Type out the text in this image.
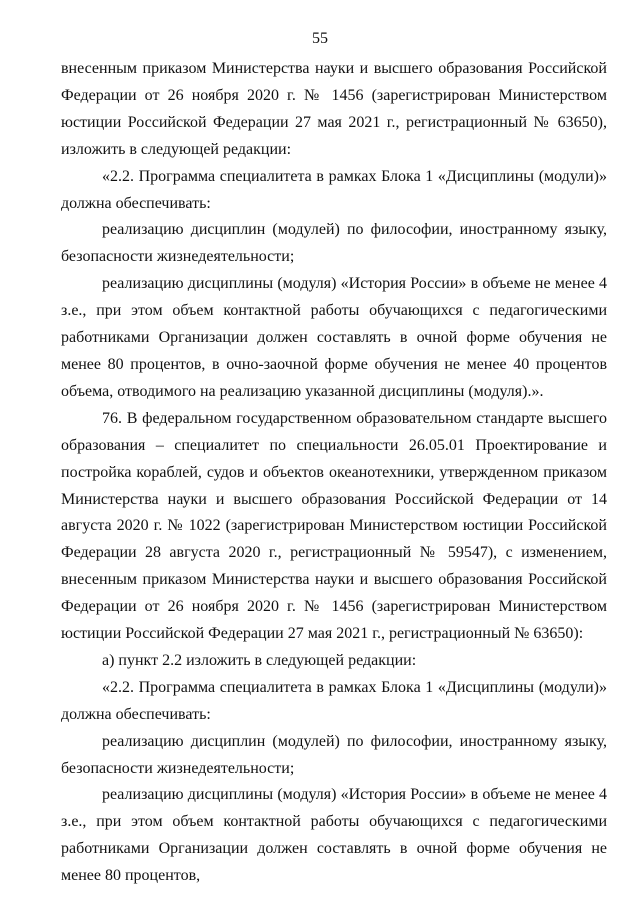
55

внесенным приказом Министерства науки и высшего образования Российской Федерации от 26 ноября 2020 г. № 1456 (зарегистрирован Министерством юстиции Российской Федерации 27 мая 2021 г., регистрационный № 63650), изложить в следующей редакции:

«2.2. Программа специалитета в рамках Блока 1 «Дисциплины (модули)» должна обеспечивать:

реализацию дисциплин (модулей) по философии, иностранному языку, безопасности жизнедеятельности;

реализацию дисциплины (модуля) «История России» в объеме не менее 4 з.е., при этом объем контактной работы обучающихся с педагогическими работниками Организации должен составлять в очной форме обучения не менее 80 процентов, в очно-заочной форме обучения не менее 40 процентов объема, отводимого на реализацию указанной дисциплины (модуля).».

76. В федеральном государственном образовательном стандарте высшего образования – специалитет по специальности 26.05.01 Проектирование и постройка кораблей, судов и объектов океанотехники, утвержденном приказом Министерства науки и высшего образования Российской Федерации от 14 августа 2020 г. № 1022 (зарегистрирован Министерством юстиции Российской Федерации 28 августа 2020 г., регистрационный № 59547), с изменением, внесенным приказом Министерства науки и высшего образования Российской Федерации от 26 ноября 2020 г. № 1456 (зарегистрирован Министерством юстиции Российской Федерации 27 мая 2021 г., регистрационный № 63650):

а) пункт 2.2 изложить в следующей редакции:

«2.2. Программа специалитета в рамках Блока 1 «Дисциплины (модули)» должна обеспечивать:

реализацию дисциплин (модулей) по философии, иностранному языку, безопасности жизнедеятельности;

реализацию дисциплины (модуля) «История России» в объеме не менее 4 з.е., при этом объем контактной работы обучающихся с педагогическими работниками Организации должен составлять в очной форме обучения не менее 80 процентов,
